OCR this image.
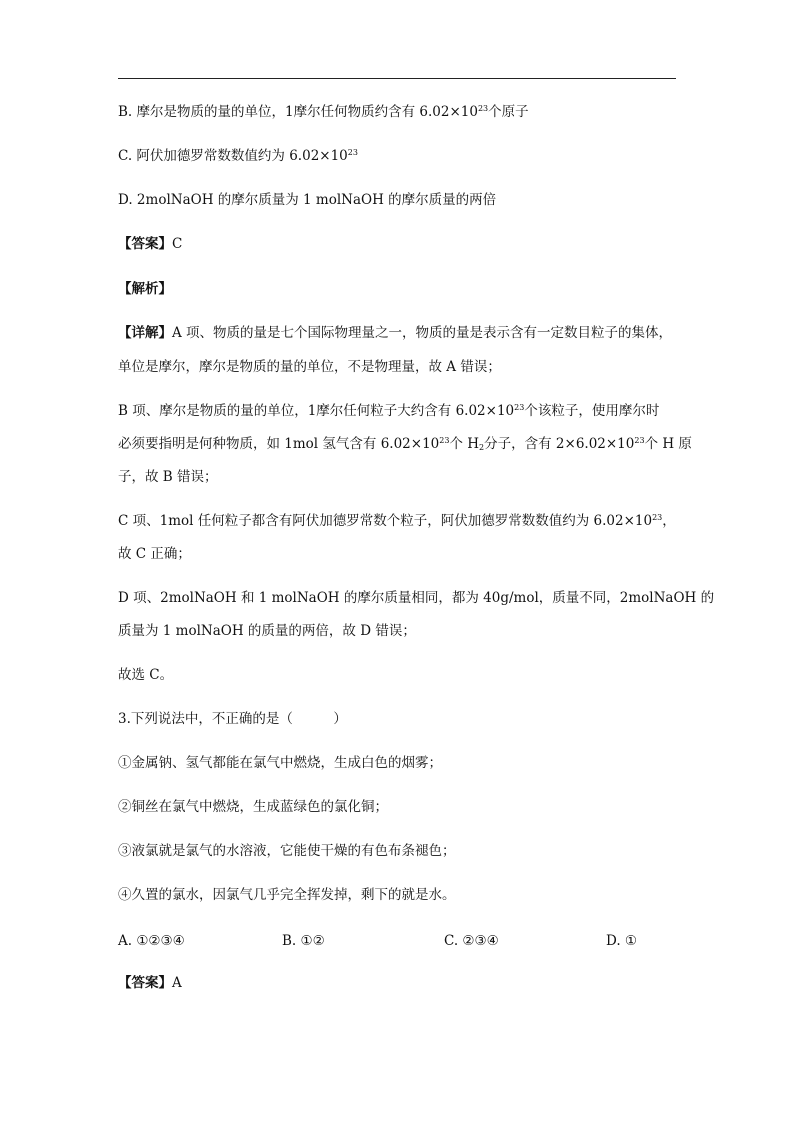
B. 摩尔是物质的量的单位，1摩尔任何物质约含有 $6.02\times 10^{23}$个原子
C. 阿伏加德罗常数数值约为 $6.02\times 10^{23}$
D. 2molNaOH 的摩尔质量为 1 molNaOH 的摩尔质量的两倍
【答案】C
【解析】
【详解】A 项、物质的量是七个国际物理量之一，物质的量是表示含有一定数目粒子的集体，
单位是摩尔，摩尔是物质的量的单位，不是物理量，故 A 错误；
B 项、摩尔是物质的量的单位，1摩尔任何粒子大约含有 $6.02\times 10^{23}$个该粒子，使用摩尔时
必须要指明是何种物质，如 1mol 氢气含有 $6.02\times 10^{23}$个 $H_2$分子，含有 $2\times 6.02\times 10^{23}$个 H 原
子，故 B 错误；
C 项、1mol 任何粒子都含有阿伏加德罗常数个粒子，阿伏加德罗常数数值约为 $6.02\times 10^{23}$，
故 C 正确；
D 项、2molNaOH 和 1 molNaOH 的摩尔质量相同，都为 40g/mol，质量不同，2molNaOH 的
质量为 1 molNaOH 的质量的两倍，故 D 错误；
故选 C。
3.下列说法中，不正确的是（　　　）
①金属钠、氢气都能在氯气中燃烧，生成白色的烟雾；
②铜丝在氯气中燃烧，生成蓝绿色的氯化铜；
③液氯就是氯气的水溶液，它能使干燥的有色布条褪色；
④久置的氯水，因氯气几乎完全挥发掉，剩下的就是水。
A. ①②③④	B. ①②	C. ②③④	D. ①
【答案】A
